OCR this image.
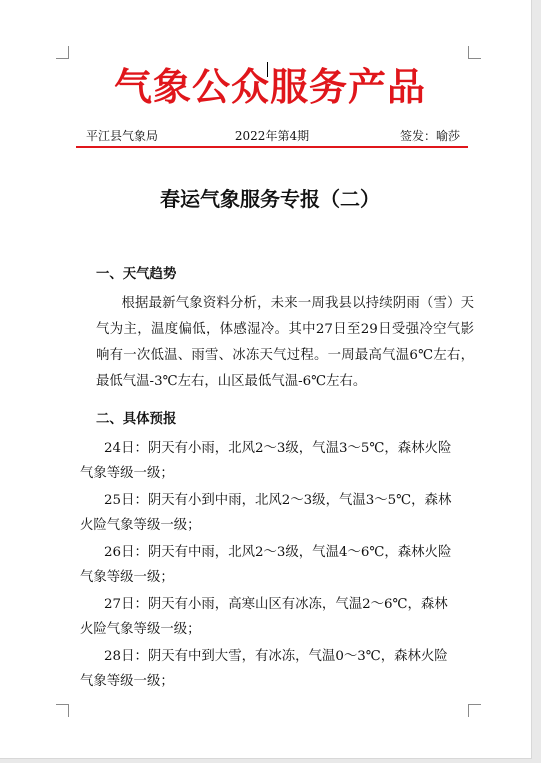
气象公众服务产品
2022年第4期
平江县气象局	签发：喻莎
春运气象服务专报（二）
一、天气趋势

根据最新气象资料分析，未来一周我县以持续阴雨（雪）天气为主，温度偏低，体感湿冷。其中27日至29日受强冷空气影响有一次低温、雨雪、冰冻天气过程。一周最高气温6℃左右，最低气温-3℃左右，山区最低气温-6℃左右。

二、具体预报

24日：阴天有小雨，北风2～3级，气温3～5℃，森林火险

气象等级一级；

25日：阴天有小到中雨，北风2～3级，气温3～5℃，森林

火险气象等级一级；

26日：阴天有中雨，北风2～3级，气温4～6℃，森林火险

气象等级一级；

27日：阴天有小雨，高寒山区有冰冻，气温2～6℃，森林

火险气象等级一级；

28日：阴天有中到大雪，有冰冻，气温0～3℃，森林火险

气象等级一级；
